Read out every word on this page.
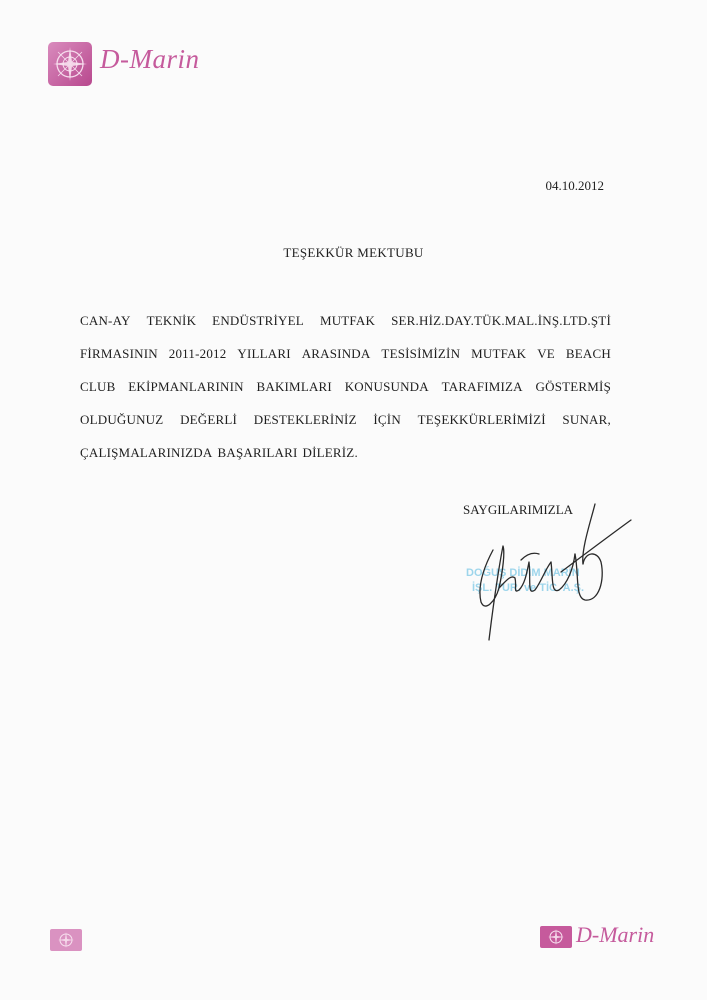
D-Marin
04.10.2012
TEŞEKKÜR MEKTUBU
CAN-AY TEKNİK ENDÜSTRİYEL MUTFAK SER.HİZ.DAY.TÜK.MAL.İNŞ.LTD.ŞTİ
FİRMASININ 2011-2012 YILLARI ARASINDA TESİSİMİZİN MUTFAK VE BEACH
CLUB EKİPMANLARININ BAKIMLARI KONUSUNDA TARAFIMIZA GÖSTERMİŞ
OLDUĞUNUZ DEĞERLİ DESTEKLERİNİZ İÇİN TEŞEKKÜRLERİMİZİ SUNAR,
ÇALIŞMALARINIZDA BAŞARILARI DİLERİZ.
SAYGILARIMIZLA
DOĞUŞ DİDİM MARİN
İŞL. TUR. ve TİC. A.Ş.
D-Marin
